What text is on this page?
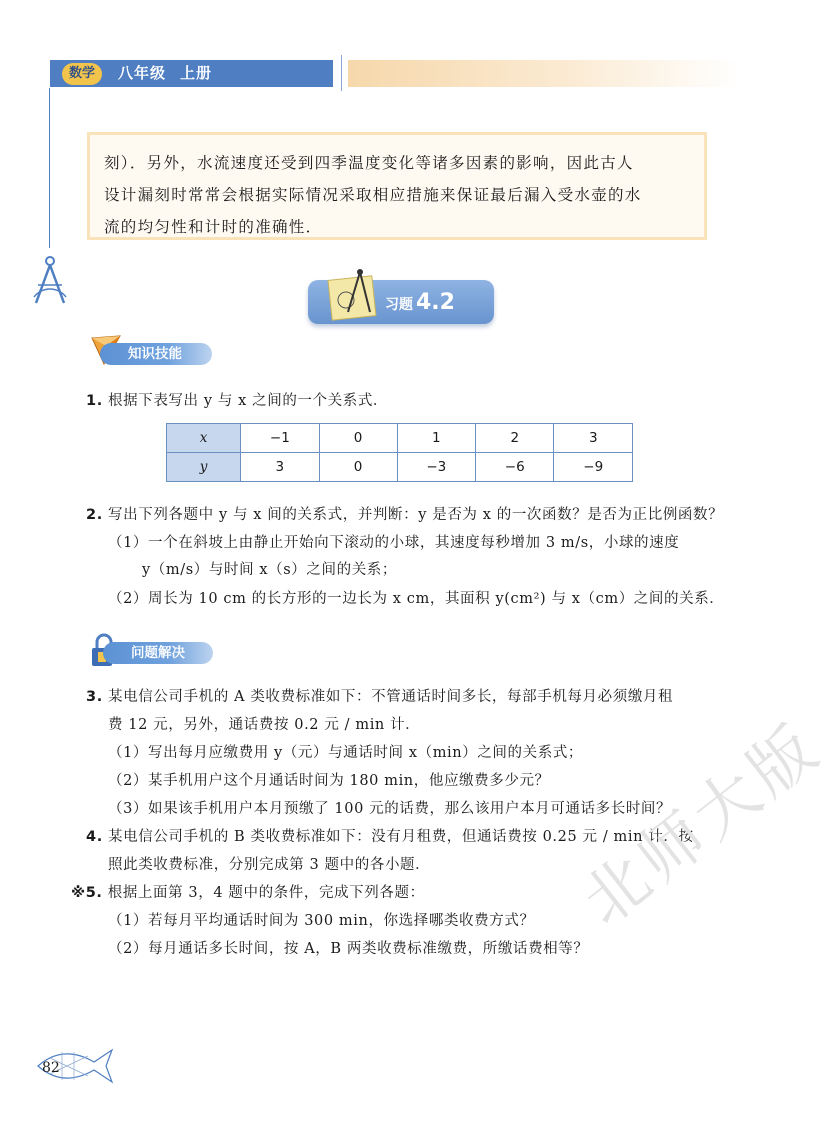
数学	八年级 上册

刻）．另外，水流速度还受到四季温度变化等诸多因素的影响，因此古人

设计漏刻时常常会根据实际情况采取相应措施来保证最后漏入受水壶的水

流的均匀性和计时的准确性．

习题 4.2
知识技能
1. 根据下表写出 y 与 x 之间的一个关系式．
x	−1	0	1	2	3
y	3	0	−3	−6	−9
2. 写出下列各题中 y 与 x 间的关系式，并判断：y 是否为 x 的一次函数？是否为正比例函数？
（1）一个在斜坡上由静止开始向下滚动的小球，其速度每秒增加 3 m/s，小球的速度
y（m/s）与时间 x（s）之间的关系；
（2）周长为 10 cm 的长方形的一边长为 x cm，其面积 y(cm²) 与 x（cm）之间的关系．
问题解决
3. 某电信公司手机的 A 类收费标准如下：不管通话时间多长，每部手机每月必须缴月租
费 12 元，另外，通话费按 0.2 元 / min 计．
（1）写出每月应缴费用 y（元）与通话时间 x（min）之间的关系式；
（2）某手机用户这个月通话时间为 180 min，他应缴费多少元？
（3）如果该手机用户本月预缴了 100 元的话费，那么该用户本月可通话多长时间？
4. 某电信公司手机的 B 类收费标准如下：没有月租费，但通话费按 0.25 元 / min 计．按
照此类收费标准，分别完成第 3 题中的各小题．
※5. 根据上面第 3，4 题中的条件，完成下列各题：
（1）若每月平均通话时间为 300 min，你选择哪类收费方式？
（2）每月通话多长时间，按 A，B 两类收费标准缴费，所缴话费相等？
北师大版
82
